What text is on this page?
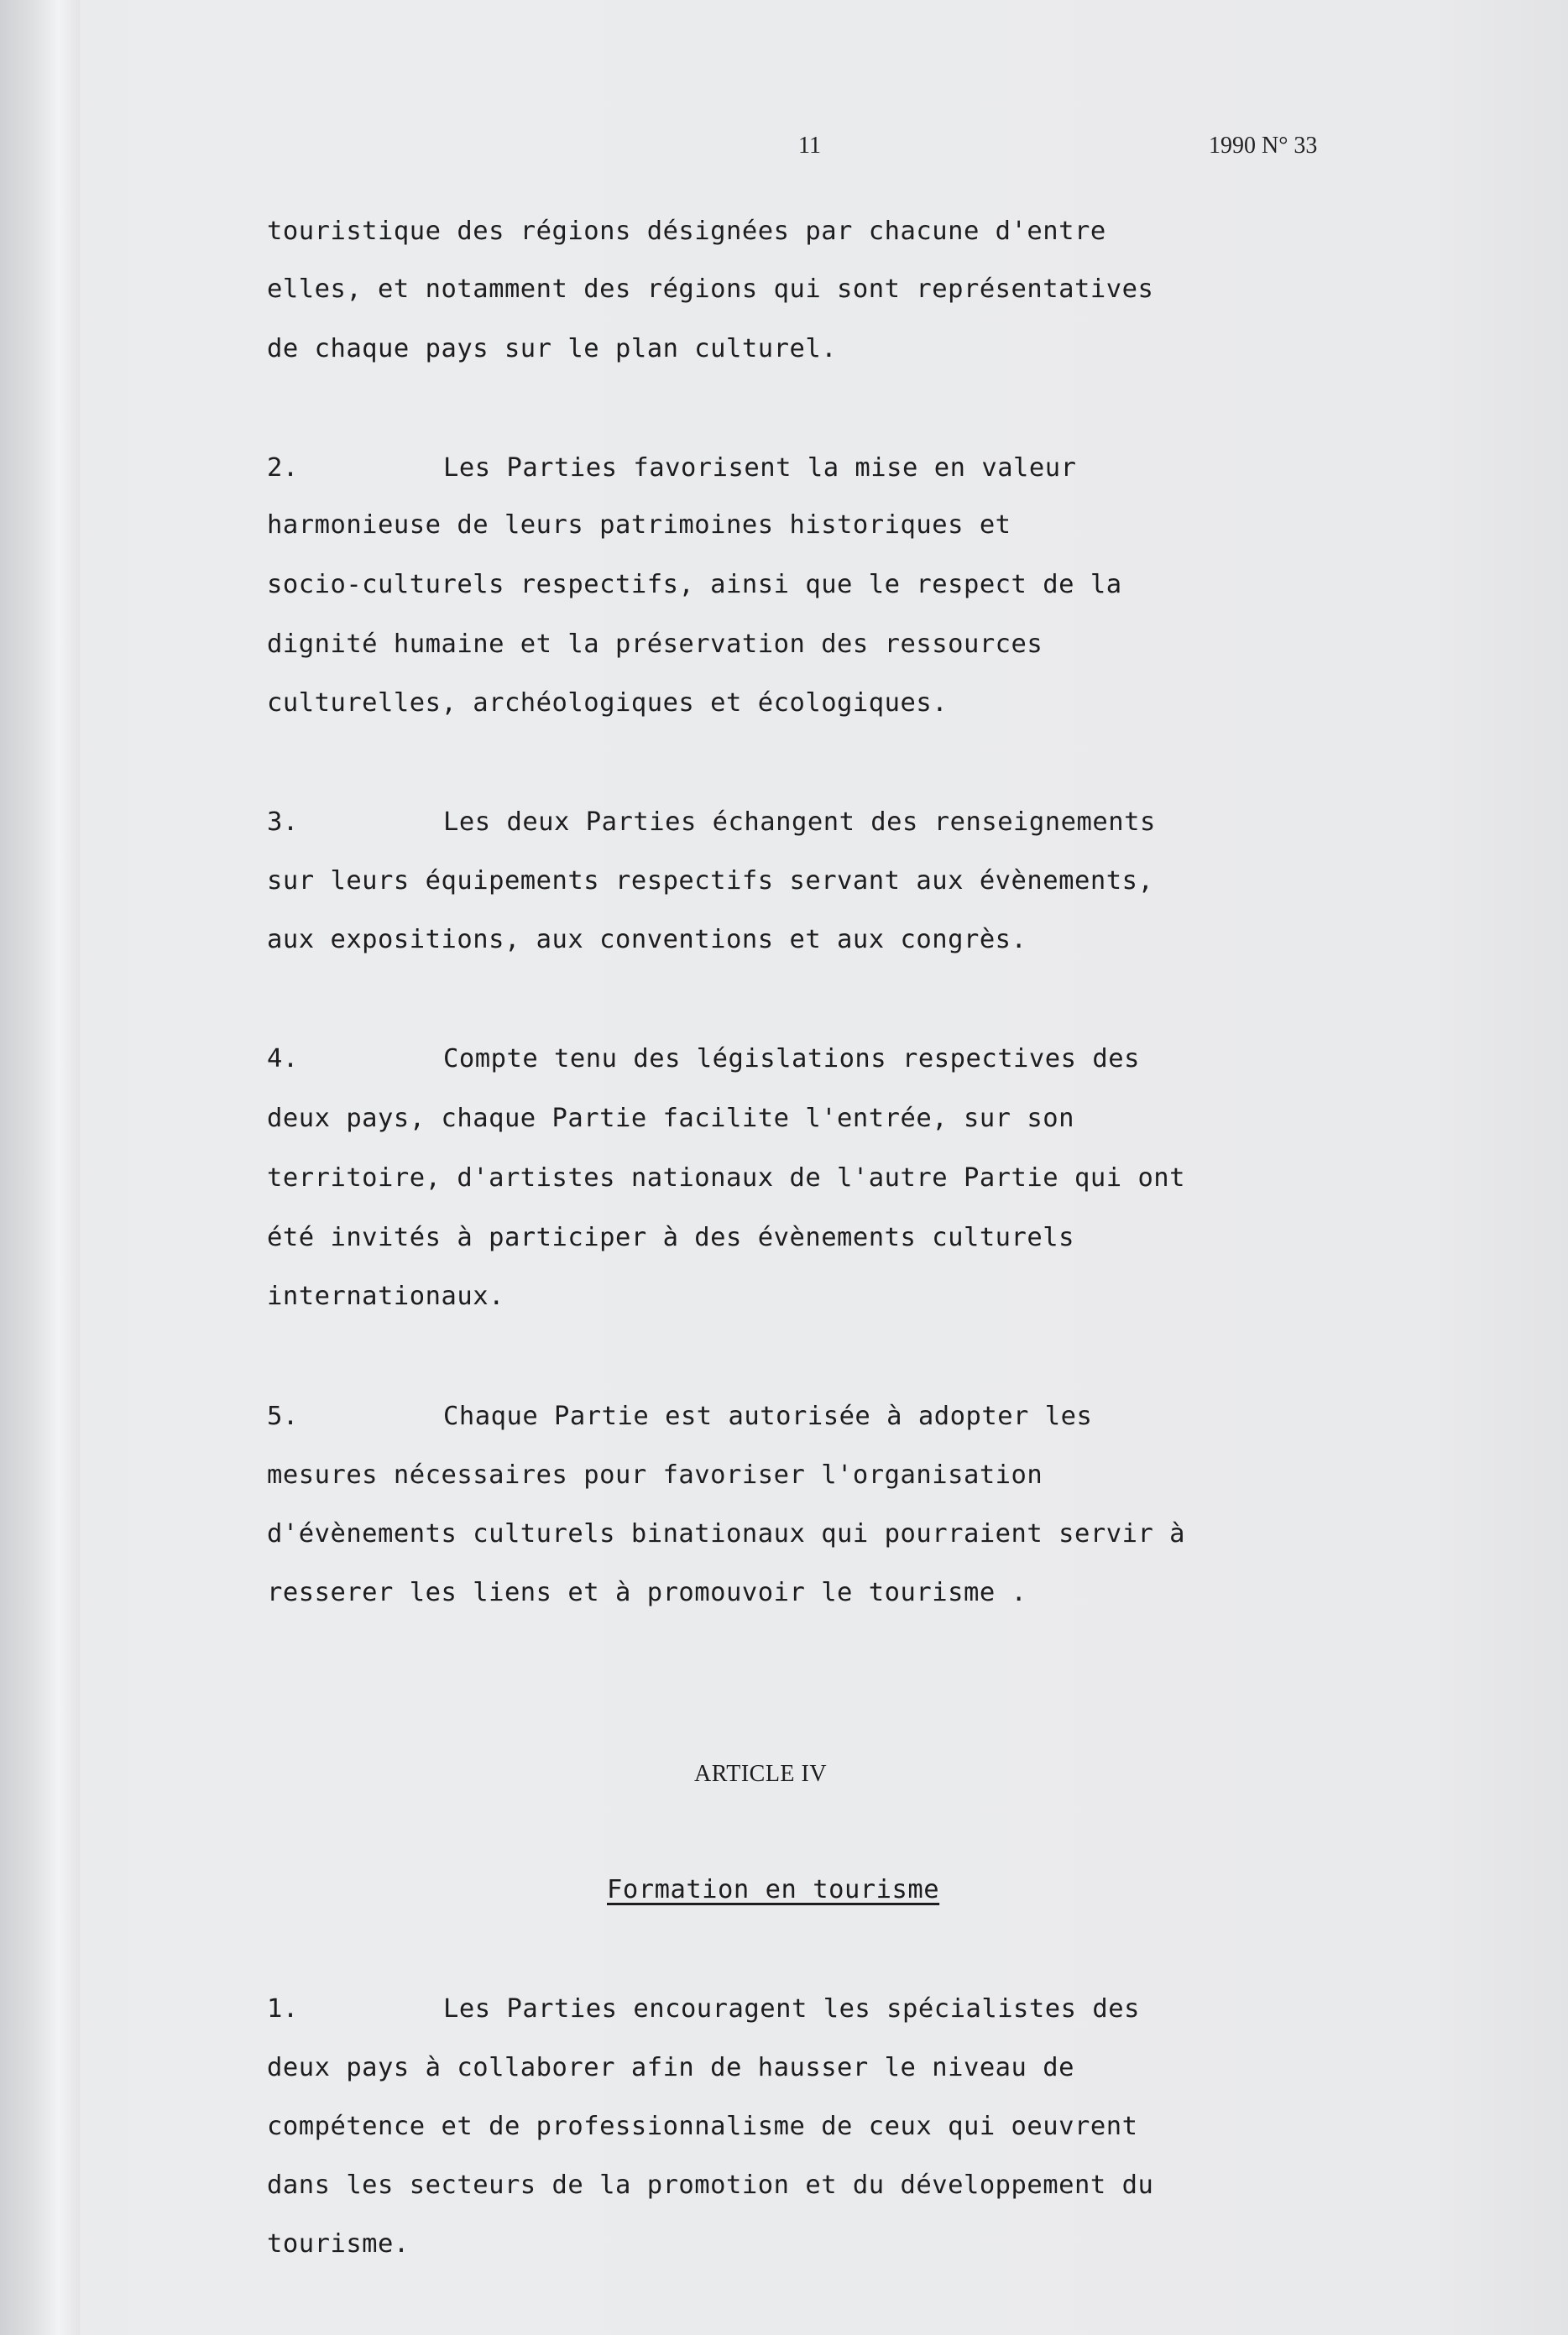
11	1990 N° 33
touristique des régions désignées par chacune d'entre
elles, et notamment des régions qui sont représentatives
de chaque pays sur le plan culturel.
2.	Les Parties favorisent la mise en valeur
harmonieuse de leurs patrimoines historiques et
socio-culturels respectifs, ainsi que le respect de la
dignité humaine et la préservation des ressources
culturelles, archéologiques et écologiques.
3.	Les deux Parties échangent des renseignements
sur leurs équipements respectifs servant aux évènements,
aux expositions, aux conventions et aux congrès.
4.	Compte tenu des législations respectives des
deux pays, chaque Partie facilite l'entrée, sur son
territoire, d'artistes nationaux de l'autre Partie qui ont
été invités à participer à des évènements culturels
internationaux.
5.	Chaque Partie est autorisée à adopter les
mesures nécessaires pour favoriser l'organisation
d'évènements culturels binationaux qui pourraient servir à
resserer les liens et à promouvoir le tourisme .
1.	Les Parties encouragent les spécialistes des
deux pays à collaborer afin de hausser le niveau de
compétence et de professionnalisme de ceux qui oeuvrent
dans les secteurs de la promotion et du développement du
tourisme.
ARTICLE IV
Formation en tourisme
